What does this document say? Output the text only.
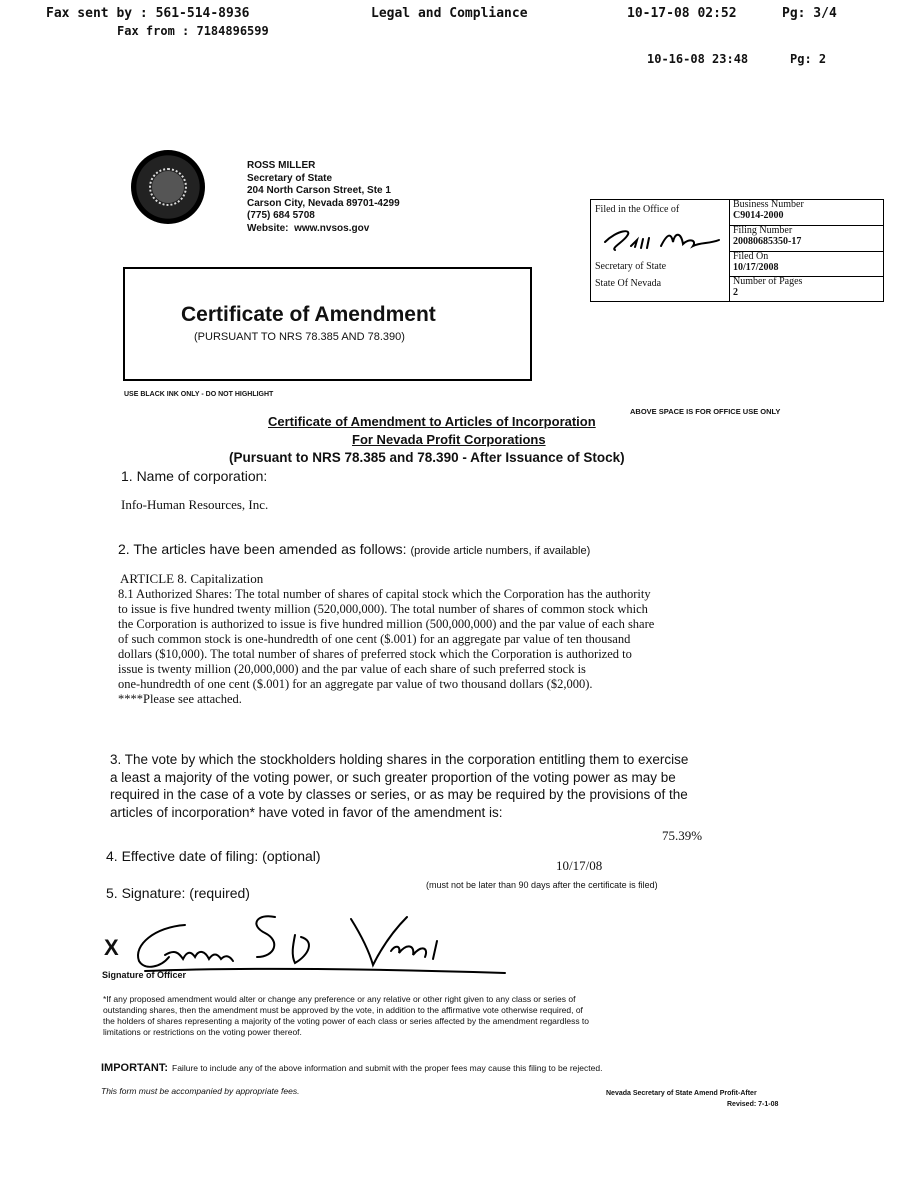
Fax sent by : 561-514-8936	Legal and Compliance	10-17-08 02:52	Pg: 3/4
Fax from : 7184896599
10-16-08 23:48	Pg: 2
ROSS MILLER
Secretary of State
204 North Carson Street, Ste 1
Carson City, Nevada 89701-4299
(775) 684 5708
Website: www.nvsos.gov
Filed in the Office of
Secretary of State
State Of Nevada
Business Number
C9014-2000
Filing Number
20080685350-17
Filed On
10/17/2008
Number of Pages
2
Certificate of Amendment
(PURSUANT TO NRS 78.385 AND 78.390)
USE BLACK INK ONLY - DO NOT HIGHLIGHT
ABOVE SPACE IS FOR OFFICE USE ONLY
Certificate of Amendment to Articles of Incorporation
For Nevada Profit Corporations
(Pursuant to NRS 78.385 and 78.390 - After Issuance of Stock)
1. Name of corporation:
Info-Human Resources, Inc.
2. The articles have been amended as follows: (provide article numbers, if available)
ARTICLE 8. Capitalization
8.1 Authorized Shares: The total number of shares of capital stock which the Corporation has the authority
to issue is five hundred twenty million (520,000,000). The total number of shares of common stock which
the Corporation is authorized to issue is five hundred million (500,000,000) and the par value of each share
of such common stock is one-hundredth of one cent ($.001) for an aggregate par value of ten thousand
dollars ($10,000). The total number of shares of preferred stock which the Corporation is authorized to
issue is twenty million (20,000,000) and the par value of each share of such preferred stock is
one-hundredth of one cent ($.001) for an aggregate par value of two thousand dollars ($2,000).
****Please see attached.
3. The vote by which the stockholders holding shares in the corporation entitling them to exercise
a least a majority of the voting power, or such greater proportion of the voting power as may be
required in the case of a vote by classes or series, or as may be required by the provisions of the
articles of incorporation* have voted in favor of the amendment is:
75.39%
4. Effective date of filing: (optional)
10/17/08
(must not be later than 90 days after the certificate is filed)
5. Signature: (required)
X
Signature of Officer
*If any proposed amendment would alter or change any preference or any relative or other right given to any class or series of
outstanding shares, then the amendment must be approved by the vote, in addition to the affirmative vote otherwise required, of
the holders of shares representing a majority of the voting power of each class or series affected by the amendment regardless to
limitations or restrictions on the voting power thereof.
IMPORTANT: Failure to include any of the above information and submit with the proper fees may cause this filing to be rejected.
This form must be accompanied by appropriate fees.	Nevada Secretary of State Amend Profit-After
Revised: 7-1-08
